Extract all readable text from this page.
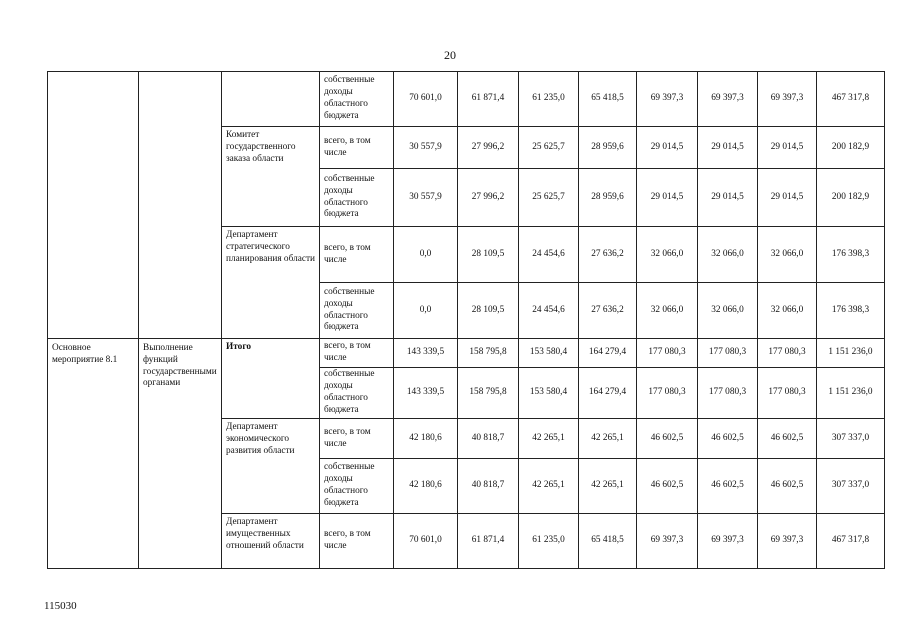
20
			собственные доходы областного бюджета	70 601,0	61 871,4	61 235,0	65 418,5	69 397,3	69 397,3	69 397,3	467 317,8
		Комитет государственного заказа области	всего, в том числе	30 557,9	27 996,2	25 625,7	28 959,6	29 014,5	29 014,5	29 014,5	200 182,9
			собственные доходы областного бюджета	30 557,9	27 996,2	25 625,7	28 959,6	29 014,5	29 014,5	29 014,5	200 182,9
		Департамент стратегического планирования области	всего, в том числе	0,0	28 109,5	24 454,6	27 636,2	32 066,0	32 066,0	32 066,0	176 398,3
			собственные доходы областного бюджета	0,0	28 109,5	24 454,6	27 636,2	32 066,0	32 066,0	32 066,0	176 398,3
Основное мероприятие 8.1	Выполнение функций государственными органами	Итого	всего, в том числе	143 339,5	158 795,8	153 580,4	164 279,4	177 080,3	177 080,3	177 080,3	1 151 236,0
			собственные доходы областного бюджета	143 339,5	158 795,8	153 580,4	164 279,4	177 080,3	177 080,3	177 080,3	1 151 236,0
		Департамент экономического развития области	всего, в том числе	42 180,6	40 818,7	42 265,1	42 265,1	46 602,5	46 602,5	46 602,5	307 337,0
			собственные доходы областного бюджета	42 180,6	40 818,7	42 265,1	42 265,1	46 602,5	46 602,5	46 602,5	307 337,0
		Департамент имущественных отношений области	всего, в том числе	70 601,0	61 871,4	61 235,0	65 418,5	69 397,3	69 397,3	69 397,3	467 317,8
115030
